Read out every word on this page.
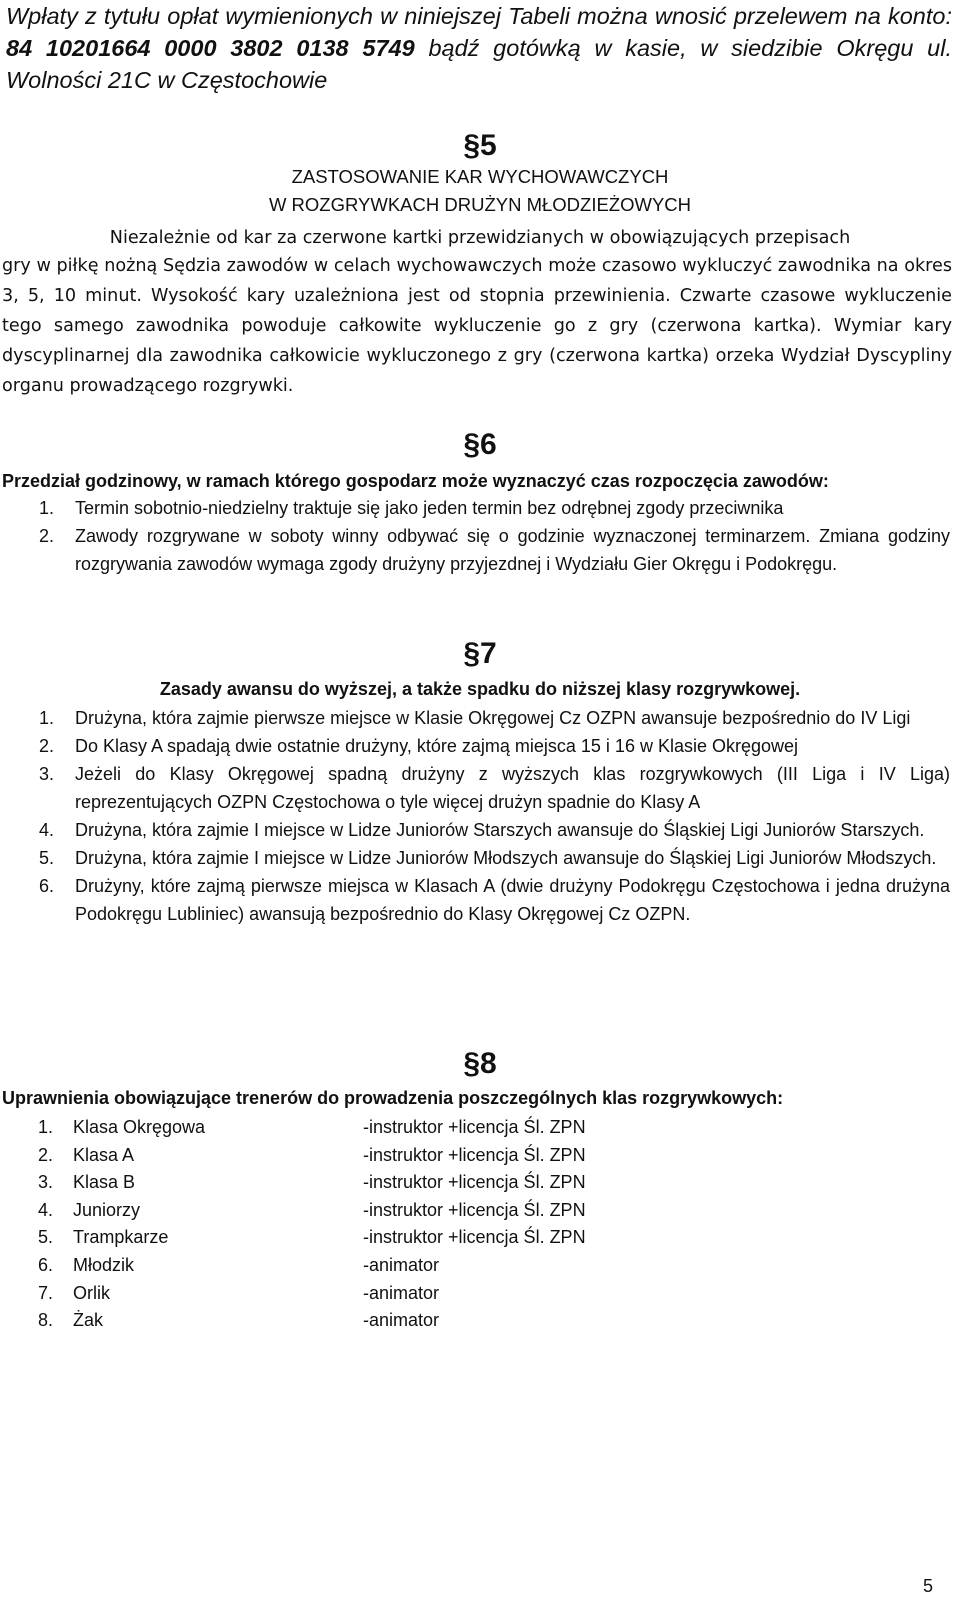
Wpłaty z tytułu opłat wymienionych w niniejszej Tabeli można wnosić przelewem na konto: 84 10201664 0000 3802 0138 5749 bądź gotówką w kasie, w siedzibie Okręgu ul. Wolności 21C w Częstochowie

§5
ZASTOSOWANIE KAR WYCHOWAWCZYCH
W ROZGRYWKACH DRUŻYN MŁODZIEŻOWYCH
Niezależnie od kar za czerwone kartki przewidzianych w obowiązujących przepisach

gry w piłkę nożną Sędzia zawodów w celach wychowawczych może czasowo wykluczyć zawodnika na okres 3, 5, 10 minut. Wysokość kary uzależniona jest od stopnia przewinienia. Czwarte czasowe wykluczenie tego samego zawodnika powoduje całkowite wykluczenie go z gry (czerwona kartka). Wymiar kary dyscyplinarnej dla zawodnika całkowicie wykluczonego z gry (czerwona kartka) orzeka Wydział Dyscypliny organu prowadzącego rozgrywki.

§6
Przedział godzinowy, w ramach którego gospodarz może wyznaczyć czas rozpoczęcia zawodów:
1. Termin sobotnio-niedzielny traktuje się jako jeden termin bez odrębnej zgody przeciwnika
2. Zawody rozgrywane w soboty winny odbywać się o godzinie wyznaczonej terminarzem. Zmiana godziny rozgrywania zawodów wymaga zgody drużyny przyjezdnej i Wydziału Gier Okręgu i Podokręgu.
§7
Zasady awansu do wyższej, a także spadku do niższej klasy rozgrywkowej.
1. Drużyna, która zajmie pierwsze miejsce w Klasie Okręgowej Cz OZPN awansuje bezpośrednio do IV Ligi
2. Do Klasy A spadają dwie ostatnie drużyny, które zajmą miejsca 15 i 16 w Klasie Okręgowej
3. Jeżeli do Klasy Okręgowej spadną drużyny z wyższych klas rozgrywkowych (III Liga i IV Liga) reprezentujących OZPN Częstochowa o tyle więcej drużyn spadnie do Klasy A
4. Drużyna, która zajmie I miejsce w Lidze Juniorów Starszych awansuje do Śląskiej Ligi Juniorów Starszych.
5. Drużyna, która zajmie I miejsce w Lidze Juniorów Młodszych awansuje do Śląskiej Ligi Juniorów Młodszych.
6. Drużyny, które zajmą pierwsze miejsca w Klasach A (dwie drużyny Podokręgu Częstochowa i jedna drużyna Podokręgu Lubliniec) awansują bezpośrednio do Klasy Okręgowej Cz OZPN.
§8
Uprawnienia obowiązujące trenerów do prowadzenia poszczególnych klas rozgrywkowych:
1. Klasa Okręgowa	-instruktor +licencja Śl. ZPN
2. Klasa A	-instruktor +licencja Śl. ZPN
3. Klasa B	-instruktor +licencja Śl. ZPN
4. Juniorzy	-instruktor +licencja Śl. ZPN
5. Trampkarze	-instruktor +licencja Śl. ZPN
6. Młodzik	-animator
7. Orlik	-animator
8. Żak	-animator
5
